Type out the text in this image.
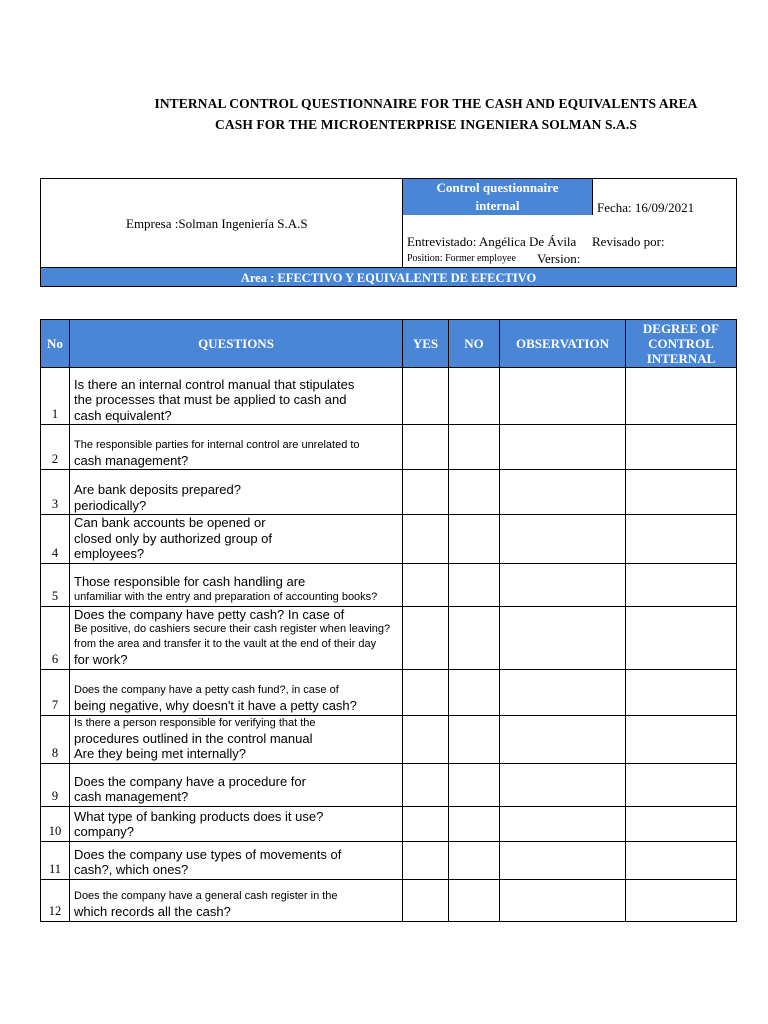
INTERNAL CONTROL QUESTIONNAIRE FOR THE CASH AND EQUIVALENTS AREA
CASH FOR THE MICROENTERPRISE INGENIERA SOLMAN S.A.S
Control questionnaire
internal
Empresa :Solman Ingeniería S.A.S
Fecha: 16/09/2021
Entrevistado: Angélica De Ávila Revisado por:
Position: Former employee Version:
Area : EFECTIVO Y EQUIVALENTE DE EFECTIVO
No	QUESTIONS	YES	NO	OBSERVATION	DEGREE OF
CONTROL
INTERNAL

1	Is there an internal control manual that stipulates
the processes that must be applied to cash and
cash equivalent?				

2	The responsible parties for internal control are unrelated to
cash management?				

3	Are bank deposits prepared?
periodically?				

4	Can bank accounts be opened or
closed only by authorized group of
employees?				

5	Those responsible for cash handling are
unfamiliar with the entry and preparation of accounting books?				

6	Does the company have petty cash? In case of
Be positive, do cashiers secure their cash register when leaving?
from the area and transfer it to the vault at the end of their day
for work?				

7	Does the company have a petty cash fund?, in case of
being negative, why doesn't it have a petty cash?				

8	Is there a person responsible for verifying that the
procedures outlined in the control manual
Are they being met internally?				

9	Does the company have a procedure for
cash management?				

10	What type of banking products does it use?
company?				

11	Does the company use types of movements of
cash?, which ones?				

12	Does the company have a general cash register in the
which records all the cash?				
